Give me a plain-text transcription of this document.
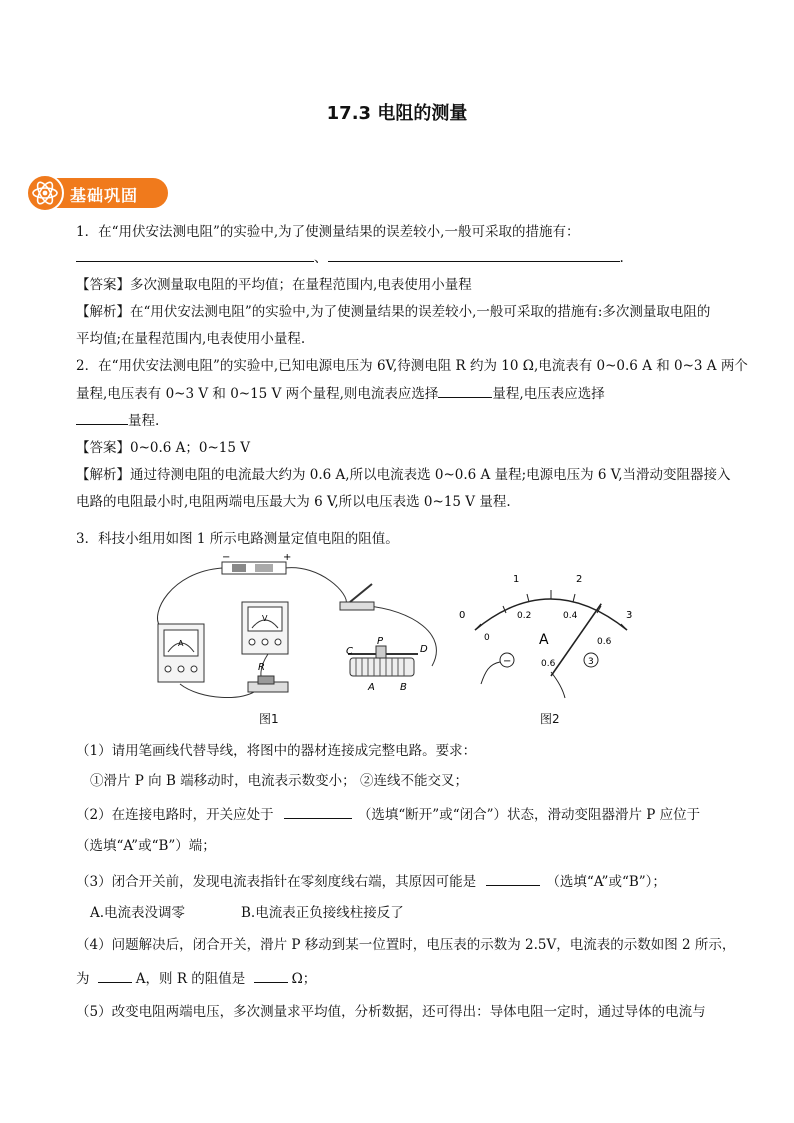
17.3 电阻的测量
基础巩固
1．在“用伏安法测电阻”的实验中,为了使测量结果的误差较小,一般可采取的措施有：
、	.
【答案】多次测量取电阻的平均值；在量程范围内,电表使用小量程
【解析】在“用伏安法测电阻”的实验中,为了使测量结果的误差较小,一般可采取的措施有:多次测量取电阻的
平均值;在量程范围内,电表使用小量程.
2．在“用伏安法测电阻”的实验中,已知电源电压为 6V,待测电阻 R 约为 10 Ω,电流表有 0~0.6 A 和 0~3 A 两个
量程,电压表有 0~3 V 和 0~15 V 两个量程,则电流表应选择	量程,电压表应选择
量程.
【答案】0~0.6 A；0~15 V
【解析】通过待测电阻的电流最大约为 0.6 A,所以电流表选 0~0.6 A 量程;电源电压为 6 V,当滑动变阻器接入
电路的电阻最小时,电阻两端电压最大为 6 V,所以电压表选 0~15 V 量程.
3．科技小组用如图 1 所示电路测量定值电阻的阻值。
−	+
A
V
R
C
P
D
A	B
图1
0
1	2
3
0
0.2	0.4
0.6
A
−	0.6	3
图2
（1）请用笔画线代替导线，将图中的器材连接成完整电路。要求：
①滑片 P 向 B 端移动时，电流表示数变小； ②连线不能交叉；
（2）在连接电路时，开关应处于	（选填“断开”或“闭合”）状态，滑动变阻器滑片 P 应位于
（选填“A”或“B”）端；
（3）闭合开关前，发现电流表指针在零刻度线右端，其原因可能是	（选填“A”或“B”）；
A.电流表没调零	B.电流表正负接线柱接反了
（4）问题解决后，闭合开关，滑片 P 移动到某一位置时，电压表的示数为 2.5V，电流表的示数如图 2 所示，
为	A，则 R 的阻值是	Ω；
（5）改变电阻两端电压，多次测量求平均值，分析数据，还可得出：导体电阻一定时，通过导体的电流与
